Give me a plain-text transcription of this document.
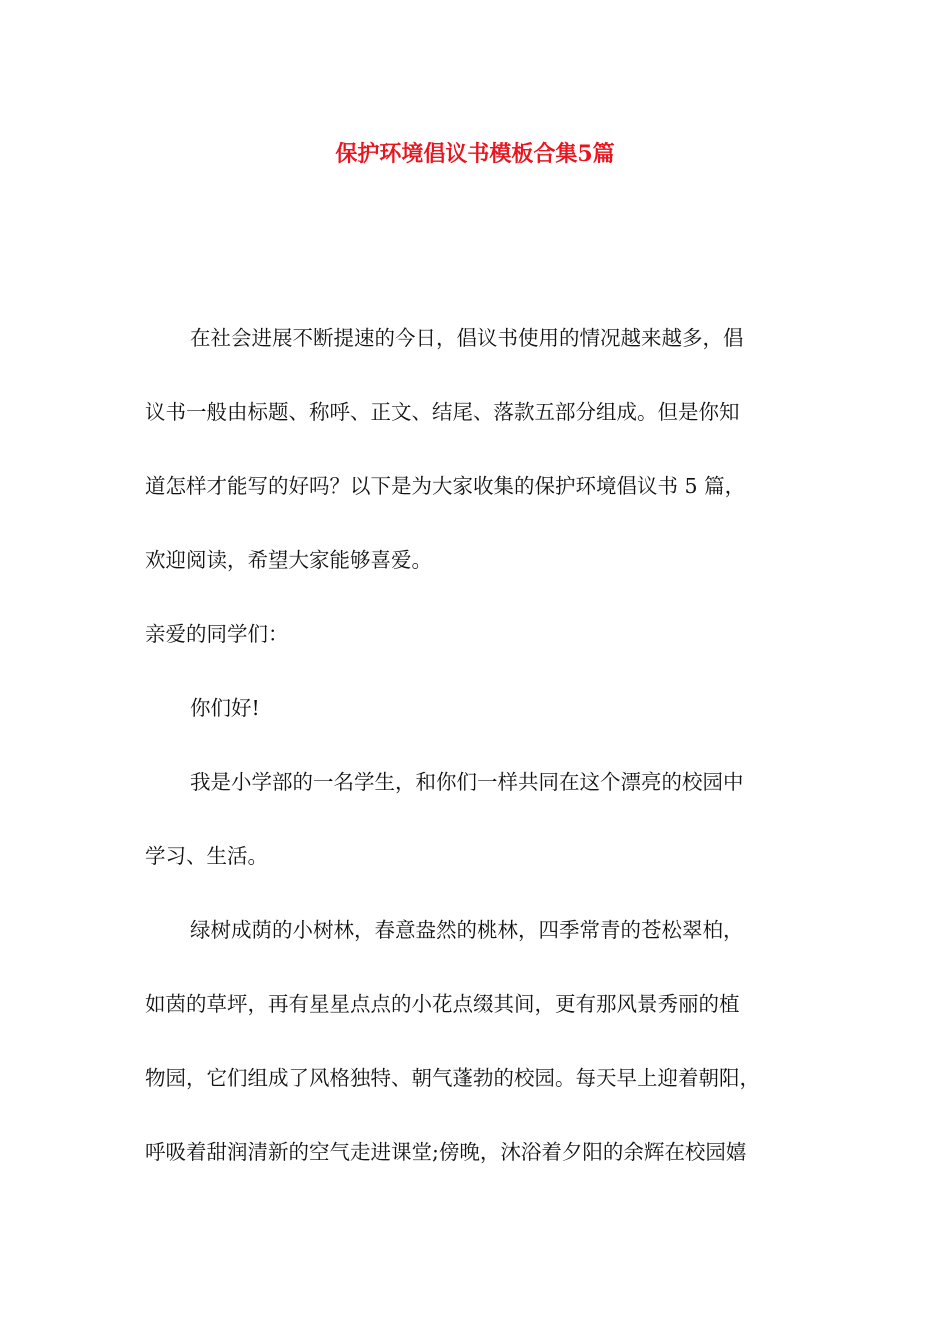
保护环境倡议书模板合集5篇
在社会进展不断提速的今日，倡议书使用的情况越来越多，倡
议书一般由标题、称呼、正文、结尾、落款五部分组成。但是你知
道怎样才能写的好吗？以下是为大家收集的保护环境倡议书 5 篇，
欢迎阅读，希望大家能够喜爱。
亲爱的同学们：
你们好!
我是小学部的一名学生，和你们一样共同在这个漂亮的校园中
学习、生活。
绿树成荫的小树林，春意盎然的桃林，四季常青的苍松翠柏，
如茵的草坪，再有星星点点的小花点缀其间，更有那风景秀丽的植
物园，它们组成了风格独特、朝气蓬勃的校园。每天早上迎着朝阳，
呼吸着甜润清新的空气走进课堂;傍晚，沐浴着夕阳的余辉在校园嬉
